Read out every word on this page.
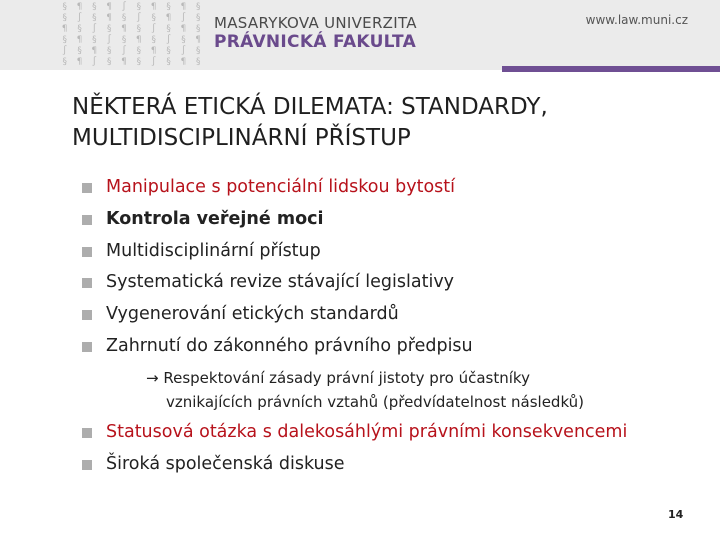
§ ¶ § ¶ ∫ § ¶ § ¶ §
§ ∫ § ¶ § ∫ § ¶ ∫ §
¶ § ∫ § ¶ § ∫ § ¶ §
§ ¶ § ∫ § ¶ § ∫ § ¶
∫ § ¶ § ∫ § ¶ § ∫ §
§ ¶ ∫ § ¶ § ∫ § ¶ §
MASARYKOVA UNIVERZITA
PRÁVNICKÁ FAKULTA
www.law.muni.cz
NĚKTERÁ ETICKÁ DILEMATA: STANDARDY,
MULTIDISCIPLINÁRNÍ PŘÍSTUP
Manipulace s potenciální lidskou bytostí
Kontrola veřejné moci
Multidisciplinární přístup
Systematická revize stávající legislativy
Vygenerování etických standardů
Zahrnutí do zákonného právního předpisu
→ Respektování zásady právní jistoty pro účastníky
vznikajících právních vztahů (předvídatelnost následků)
Statusová otázka s dalekosáhlými právními konsekvencemi
Široká společenská diskuse
14
